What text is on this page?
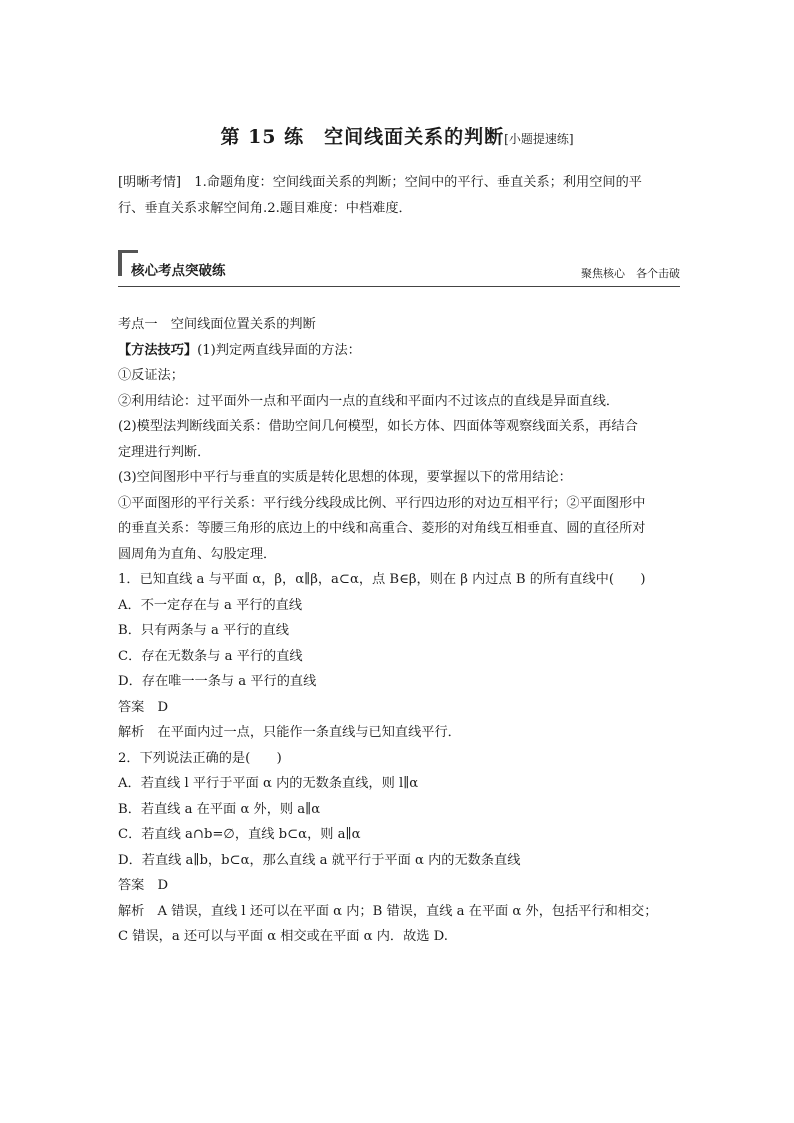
第 15 练　空间线面关系的判断[小题提速练]
[明晰考情]　1.命题角度：空间线面关系的判断；空间中的平行、垂直关系；利用空间的平
行、垂直关系求解空间角.2.题目难度：中档难度．
核心考点突破练	聚焦核心　各个击破
考点一　空间线面位置关系的判断
【方法技巧】(1)判定两直线异面的方法：
①反证法；
②利用结论：过平面外一点和平面内一点的直线和平面内不过该点的直线是异面直线．
(2)模型法判断线面关系：借助空间几何模型，如长方体、四面体等观察线面关系，再结合
定理进行判断．
(3)空间图形中平行与垂直的实质是转化思想的体现，要掌握以下的常用结论：
①平面图形的平行关系：平行线分线段成比例、平行四边形的对边互相平行；②平面图形中
的垂直关系：等腰三角形的底边上的中线和高重合、菱形的对角线互相垂直、圆的直径所对
圆周角为直角、勾股定理．
1．已知直线 a 与平面 α，β，α∥β，a⊂α，点 B∈β，则在 β 内过点 B 的所有直线中(　　)
A．不一定存在与 a 平行的直线
B．只有两条与 a 平行的直线
C．存在无数条与 a 平行的直线
D．存在唯一一条与 a 平行的直线
答案　D
解析　在平面内过一点，只能作一条直线与已知直线平行．
2．下列说法正确的是(　　)
A．若直线 l 平行于平面 α 内的无数条直线，则 l∥α
B．若直线 a 在平面 α 外，则 a∥α
C．若直线 a∩b=∅，直线 b⊂α，则 a∥α
D．若直线 a∥b，b⊂α，那么直线 a 就平行于平面 α 内的无数条直线
答案　D
解析　A 错误，直线 l 还可以在平面 α 内；B 错误，直线 a 在平面 α 外，包括平行和相交；
C 错误，a 还可以与平面 α 相交或在平面 α 内．故选 D.
